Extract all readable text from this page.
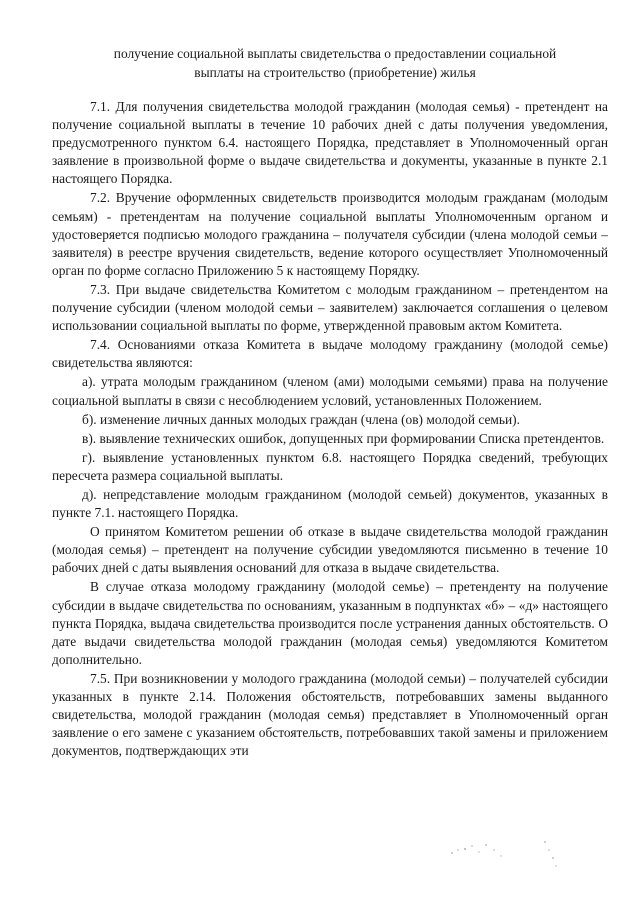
получение социальной выплаты свидетельства о предоставлении социальной
выплаты на строительство (приобретение) жилья

7.1. Для получения свидетельства молодой гражданин (молодая семья) - претендент на получение социальной выплаты в течение 10 рабочих дней с даты получения уведомления, предусмотренного пунктом 6.4. настоящего Порядка, представляет в Уполномоченный орган заявление в произвольной форме о выдаче свидетельства и документы, указанные в пункте 2.1 настоящего Порядка.

7.2. Вручение оформленных свидетельств производится молодым гражданам (молодым семьям) - претендентам на получение социальной выплаты Уполномоченным органом и удостоверяется подписью молодого гражданина – получателя субсидии (члена молодой семьи – заявителя) в реестре вручения свидетельств, ведение которого осуществляет Уполномоченный орган по форме согласно Приложению 5 к настоящему Порядку.

7.3. При выдаче свидетельства Комитетом с молодым гражданином – претендентом на получение субсидии (членом молодой семьи – заявителем) заключается соглашения о целевом использовании социальной выплаты по форме, утвержденной правовым актом Комитета.

7.4. Основаниями отказа Комитета в выдаче молодому гражданину (молодой семье) свидетельства являются:

а). утрата молодым гражданином (членом (ами) молодыми семьями) права на получение социальной выплаты в связи с несоблюдением условий, установленных Положением.

б). изменение личных данных молодых граждан (члена (ов) молодой семьи).

в). выявление технических ошибок, допущенных при формировании Списка претендентов.

г). выявление установленных пунктом 6.8. настоящего Порядка сведений, требующих пересчета размера социальной выплаты.

д). непредставление молодым гражданином (молодой семьей) документов, указанных в пункте 7.1. настоящего Порядка.

О принятом Комитетом решении об отказе в выдаче свидетельства молодой гражданин (молодая семья) – претендент на получение субсидии уведомляются письменно в течение 10 рабочих дней с даты выявления оснований для отказа в выдаче свидетельства.

В случае отказа молодому гражданину (молодой семье) – претенденту на получение субсидии в выдаче свидетельства по основаниям, указанным в подпунктах «б» – «д» настоящего пункта Порядка, выдача свидетельства производится после устранения данных обстоятельств. О дате выдачи свидетельства молодой гражданин (молодая семья) уведомляются Комитетом дополнительно.

7.5. При возникновении у молодого гражданина (молодой семьи) – получателей субсидии указанных в пункте 2.14. Положения обстоятельств, потребовавших замены выданного свидетельства, молодой гражданин (молодая семья) представляет в Уполномоченный орган заявление о его замене с указанием обстоятельств, потребовавших такой замены и приложением документов, подтверждающих эти
